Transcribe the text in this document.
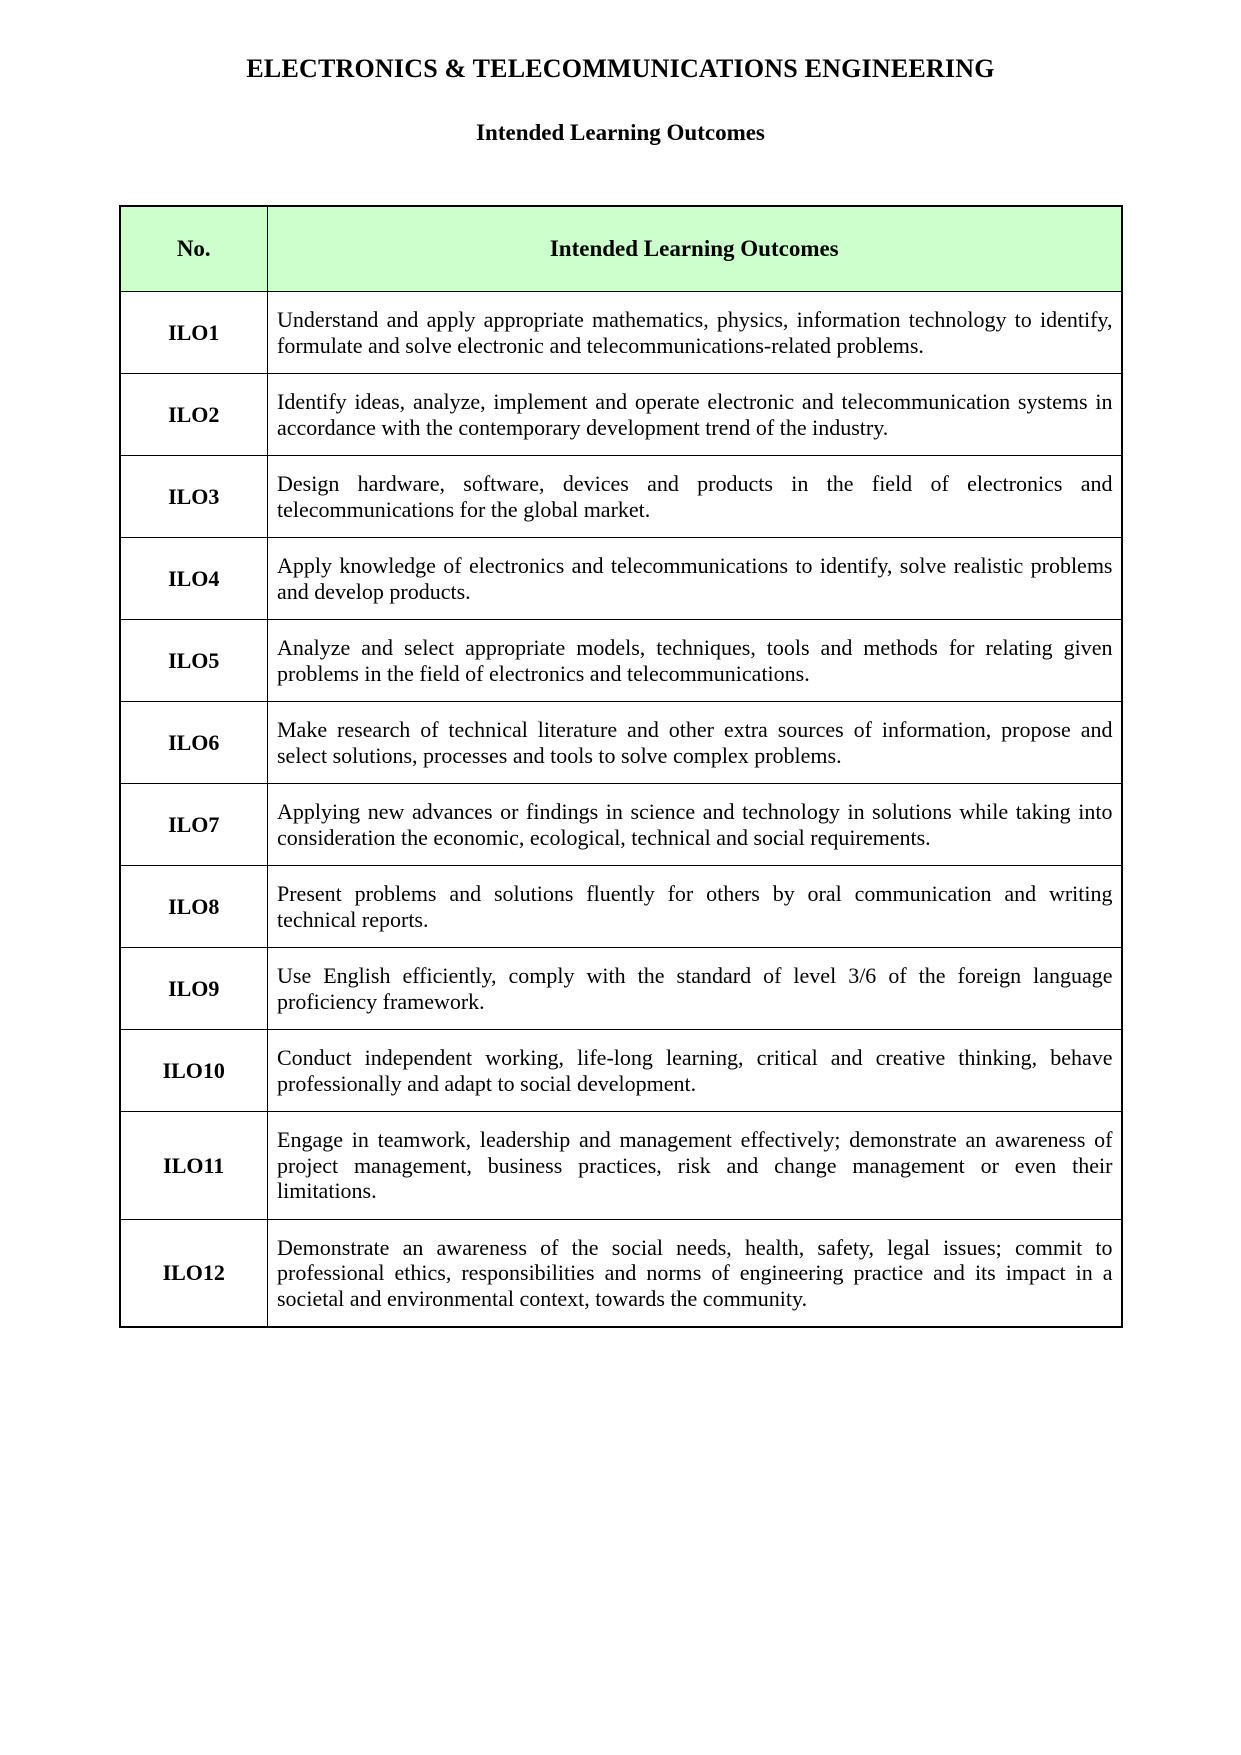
ELECTRONICS & TELECOMMUNICATIONS ENGINEERING
Intended Learning Outcomes
No.	Intended Learning Outcomes
ILO1	Understand and apply appropriate mathematics, physics, information technology to identify, formulate and solve electronic and telecommunications-related problems.
ILO2	Identify ideas, analyze, implement and operate electronic and telecommunication systems in accordance with the contemporary development trend of the industry.
ILO3	Design hardware, software, devices and products in the field of electronics and telecommunications for the global market.
ILO4	Apply knowledge of electronics and telecommunications to identify, solve realistic problems and develop products.
ILO5	Analyze and select appropriate models, techniques, tools and methods for relating given problems in the field of electronics and telecommunications.
ILO6	Make research of technical literature and other extra sources of information, propose and select solutions, processes and tools to solve complex problems.
ILO7	Applying new advances or findings in science and technology in solutions while taking into consideration the economic, ecological, technical and social requirements.
ILO8	Present problems and solutions fluently for others by oral communication and writing technical reports.
ILO9	Use English efficiently, comply with the standard of level 3/6 of the foreign language proficiency framework.
ILO10	Conduct independent working, life-long learning, critical and creative thinking, behave professionally and adapt to social development.
ILO11	Engage in teamwork, leadership and management effectively; demonstrate an awareness of project management, business practices, risk and change management or even their limitations.
ILO12	Demonstrate an awareness of the social needs, health, safety, legal issues; commit to professional ethics, responsibilities and norms of engineering practice and its impact in a societal and environmental context, towards the community.
